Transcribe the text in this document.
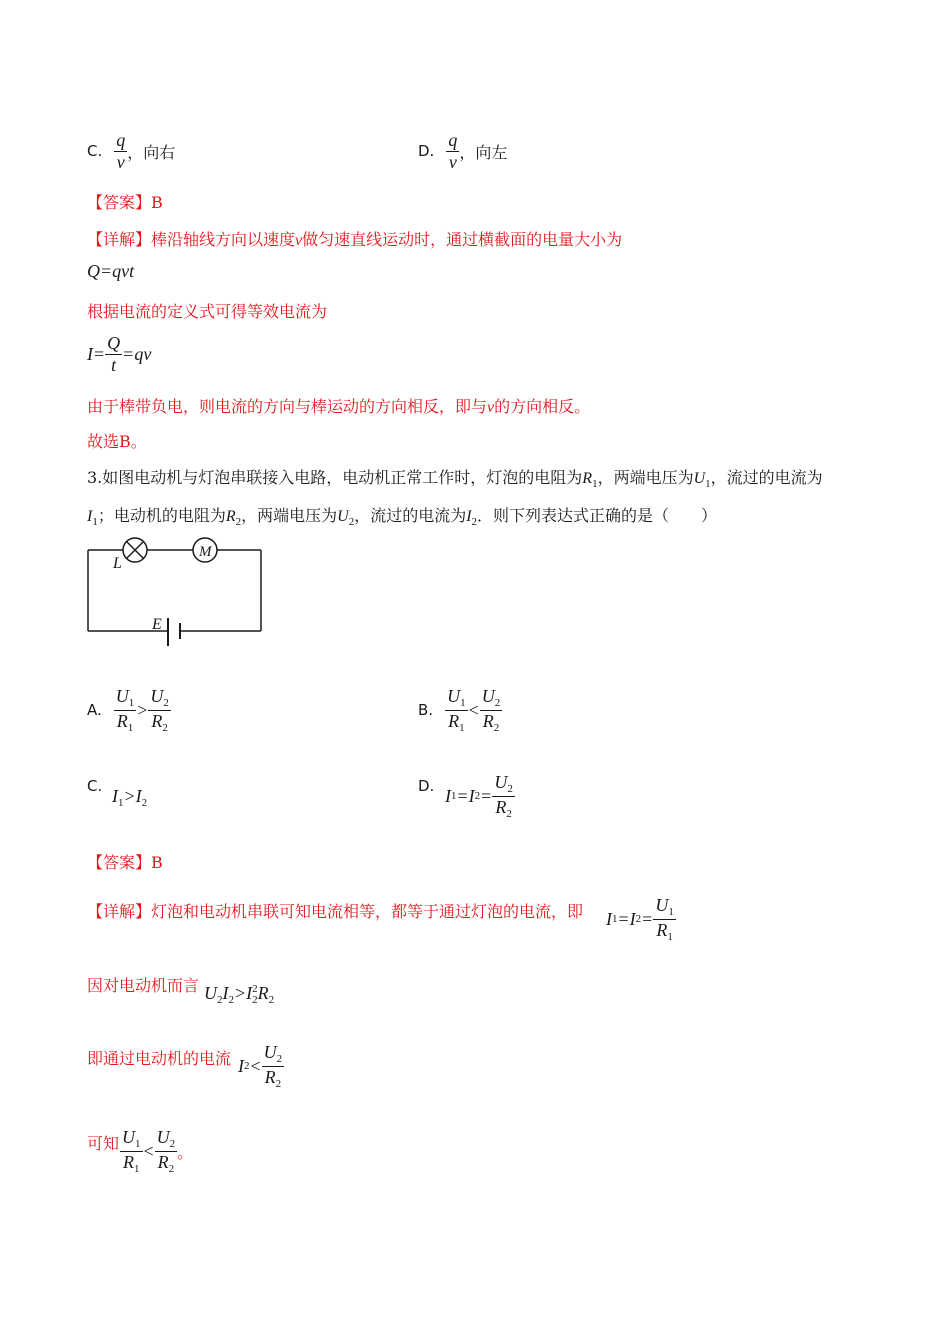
C. $\frac{q}{v}$ ，向右	D. $\frac{q}{v}$ ，向左
【答案】B
【详解】棒沿轴线方向以速度v做匀速直线运动时，通过横截面的电量大小为
Q=qvt
根据电流的定义式可得等效电流为
$I = \frac{Q}{t}$ = qv
由于棒带负电，则电流的方向与棒运动的方向相反，即与v的方向相反。
故选B。
3.如图电动机与灯泡串联接入电路，电动机正常工作时，灯泡的电阻为$R_1$，两端电压为$U_1$，流过的电流为
$I_1$；电动机的电阻为$R_2$，两端电压为$U_2$，流过的电流为$I_2$．则下列表达式正确的是（　　）
L
M
E
A. $\frac{U_1}{R_1} > \frac{U_2}{R_2}$	B. $\frac{U_1}{R_1} < \frac{U_2}{R_2}$
C. $I_1>I_2$
D. I 1 = I $2 = \frac{U_2}{R_2}$
【答案】B
【详解】灯泡和电动机串联可知电流相等，都等于通过灯泡的电流，即 I 1 = I $2 = \frac{U_1}{R_1}$
因对电动机而言 $U_2I_2>I$ 2
2 $R_2$
即通过电动机的电流 I $2 < \frac{U_2}{R_2}$
可知 $\frac{U_1}{R_1} < \frac{U_2}{R_2}$ 。
